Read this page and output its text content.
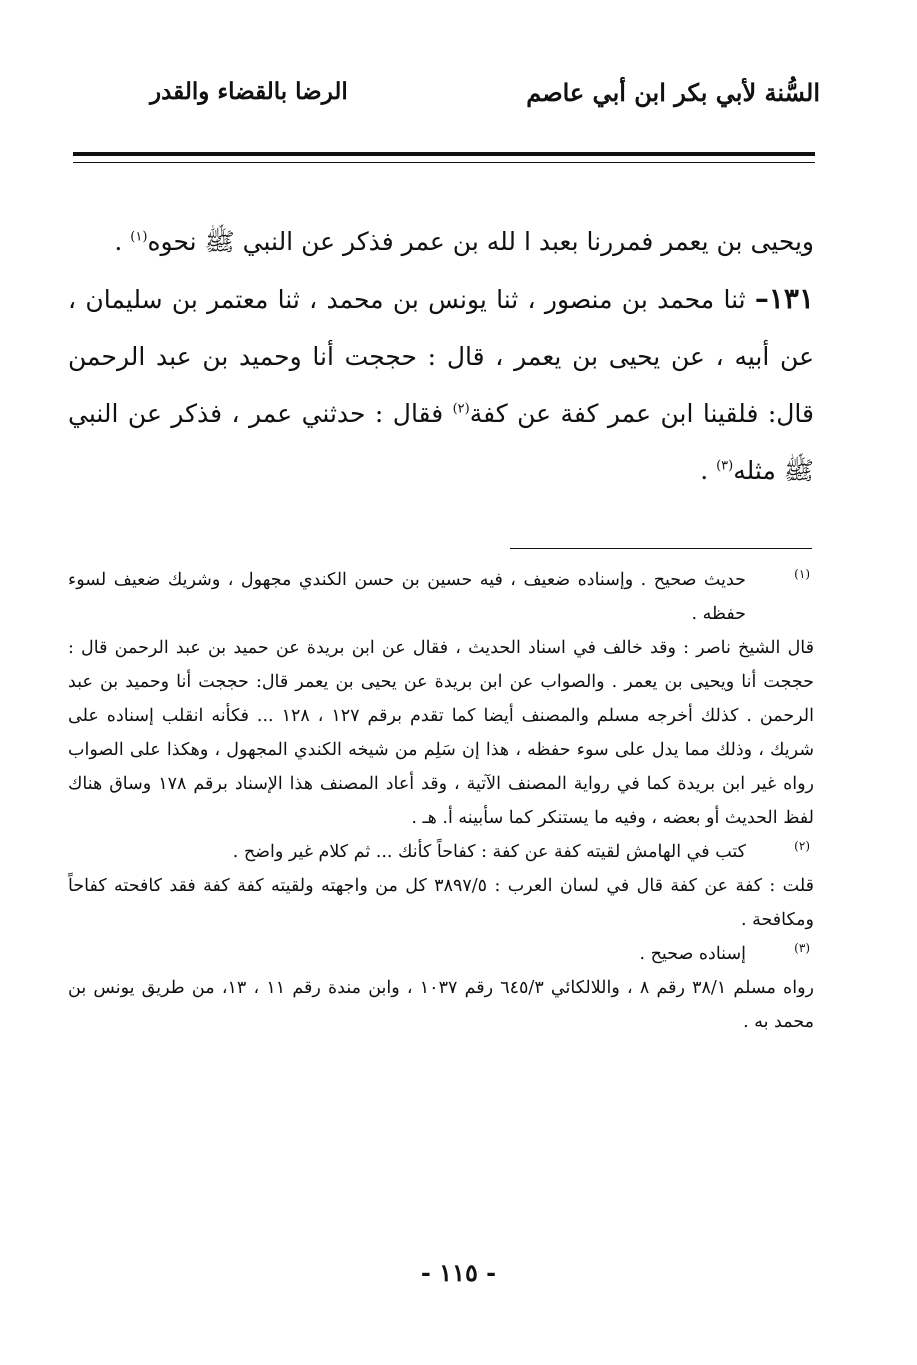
السُّنة لأبي بكر ابن أبي عاصم
الرضا بالقضاء والقدر

ويحيى بن يعمر فمررنا بعبد ا لله بن عمر فذكر عن النبي ﷺ نحوه$^{(١)}$ .

١٣١– ثنا محمد بن منصور ، ثنا يونس بن محمد ، ثنا معتمر بن سليمان ، عن أبيه ، عن يحيى بن يعمر ، قال : حججت أنا وحميد بن عبد الرحمن قال: فلقينا ابن عمر كفة عن كفة$^{(٢)}$ فقال : حدثني عمر ، فذكر عن النبي ﷺ مثله$^{(٣)}$ .

(١)

حديث صحيح . وإسناده ضعيف ، فيه حسين بن حسن الكندي مجهول ، وشريك ضعيف لسوء حفظه .

قال الشيخ ناصر : وقد خالف في اسناد الحديث ، فقال عن ابن بريدة عن حميد بن عبد الرحمن قال : حججت أنا ويحيى بن يعمر . والصواب عن ابن بريدة عن يحيى بن يعمر قال: حججت أنا وحميد بن عبد الرحمن . كذلك أخرجه مسلم والمصنف أيضا كما تقدم برقم ١٢٧ ، ١٢٨ ... فكأنه انقلب إسناده على شريك ، وذلك مما يدل على سوء حفظه ، هذا إن سَلِم من شيخه الكندي المجهول ، وهكذا على الصواب رواه غير ابن بريدة كما في رواية المصنف الآتية ، وقد أعاد المصنف هذا الإسناد برقم ١٧٨ وساق هناك لفظ الحديث أو بعضه ، وفيه ما يستنكر كما سأبينه أ. هـ .

(٢)

كتب في الهامش لقيته كفة عن كفة : كفاحاً كأنك ... ثم كلام غير واضح .

قلت : كفة عن كفة قال في لسان العرب : ٣٨٩٧/٥ كل من واجهته ولقيته كفة كفة فقد كافحته كفاحاً ومكافحة .

(٣)

إسناده صحيح .

رواه مسلم ٣٨/١ رقم ٨ ، واللالكائي ٦٤٥/٣ رقم ١٠٣٧ ، وابن مندة رقم ١١ ، ١٣، من طريق يونس بن محمد به .

- ١١٥ -
